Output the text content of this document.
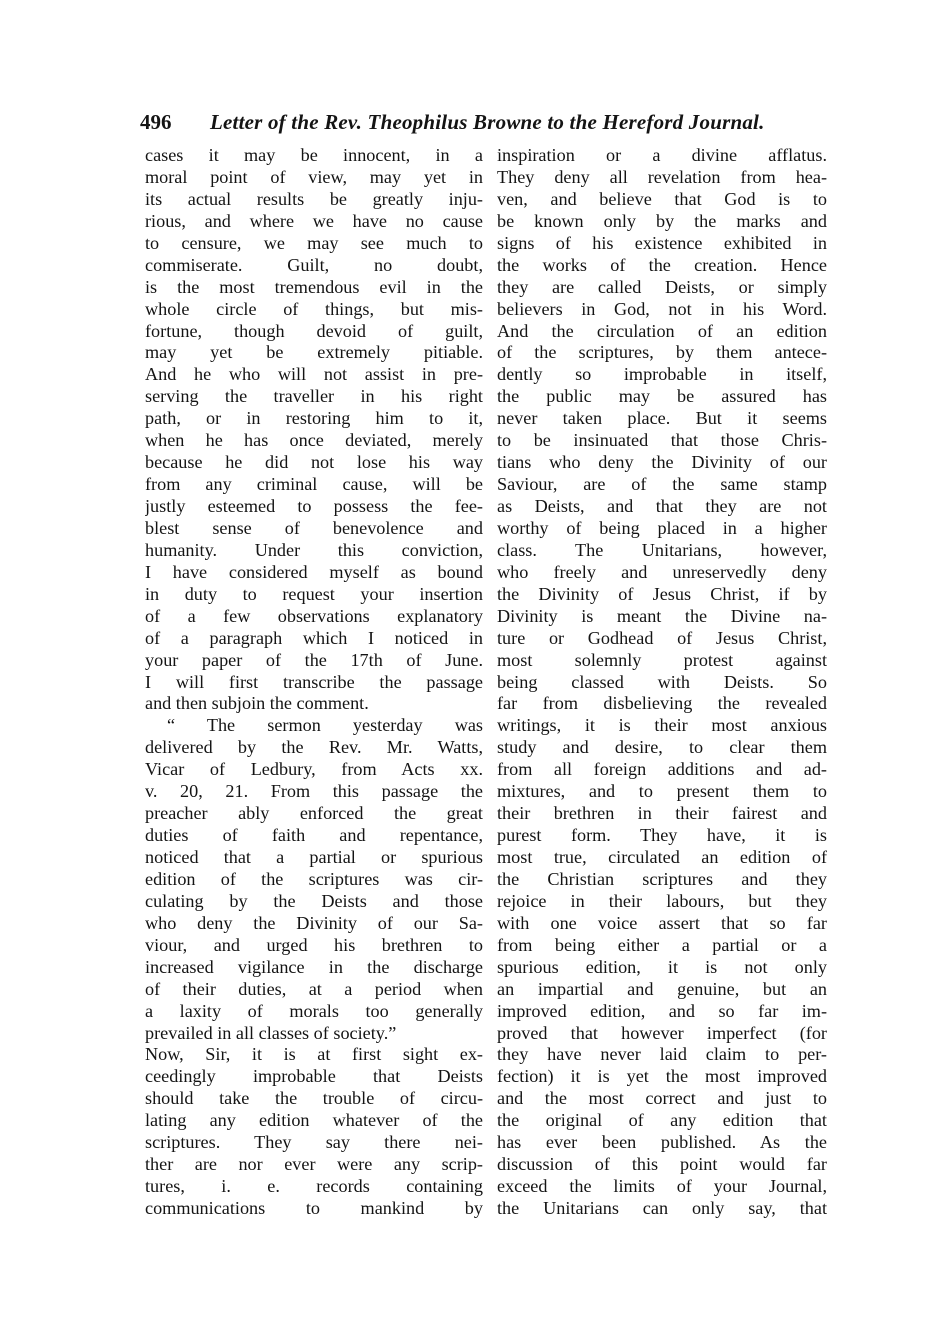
496 Letter of the Rev. Theophilus Browne to the Hereford Journal.
cases it may be innocent, in a
moral point of view, may yet in
its actual results be greatly inju-
rious, and where we have no cause
to censure, we may see much to
commiserate. Guilt, no doubt,
is the most tremendous evil in the
whole circle of things, but mis-
fortune, though devoid of guilt,
may yet be extremely pitiable.
And he who will not assist in pre-
serving the traveller in his right
path, or in restoring him to it,
when he has once deviated, merely
because he did not lose his way
from any criminal cause, will be
justly esteemed to possess the fee-
blest sense of benevolence and
humanity. Under this conviction,
I have considered myself as bound
in duty to request your insertion
of a few observations explanatory
of a paragraph which I noticed in
your paper of the 17th of June.
I will first transcribe the passage
and then subjoin the comment.
“ The sermon yesterday was
delivered by the Rev. Mr. Watts,
Vicar of Ledbury, from Acts xx.
v. 20, 21. From this passage the
preacher ably enforced the great
duties of faith and repentance,
noticed that a partial or spurious
edition of the scriptures was cir-
culating by the Deists and those
who deny the Divinity of our Sa-
viour, and urged his brethren to
increased vigilance in the discharge
of their duties, at a period when
a laxity of morals too generally
prevailed in all classes of society.”
Now, Sir, it is at first sight ex-
ceedingly improbable that Deists
should take the trouble of circu-
lating any edition whatever of the
scriptures. They say there nei-
ther are nor ever were any scrip-
tures, i. e. records containing
communications to mankind by
inspiration or a divine afflatus.
They deny all revelation from hea-
ven, and believe that God is to
be known only by the marks and
signs of his existence exhibited in
the works of the creation. Hence
they are called Deists, or simply
believers in God, not in his Word.
And the circulation of an edition
of the scriptures, by them antece-
dently so improbable in itself,
the public may be assured has
never taken place. But it seems
to be insinuated that those Chris-
tians who deny the Divinity of our
Saviour, are of the same stamp
as Deists, and that they are not
worthy of being placed in a higher
class. The Unitarians, however,
who freely and unreservedly deny
the Divinity of Jesus Christ, if by
Divinity is meant the Divine na-
ture or Godhead of Jesus Christ,
most solemnly protest against
being classed with Deists. So
far from disbelieving the revealed
writings, it is their most anxious
study and desire, to clear them
from all foreign additions and ad-
mixtures, and to present them to
their brethren in their fairest and
purest form. They have, it is
most true, circulated an edition of
the Christian scriptures and they
rejoice in their labours, but they
with one voice assert that so far
from being either a partial or a
spurious edition, it is not only
an impartial and genuine, but an
improved edition, and so far im-
proved that however imperfect (for
they have never laid claim to per-
fection) it is yet the most improved
and the most correct and just to
the original of any edition that
has ever been published. As the
discussion of this point would far
exceed the limits of your Journal,
the Unitarians can only say, that
